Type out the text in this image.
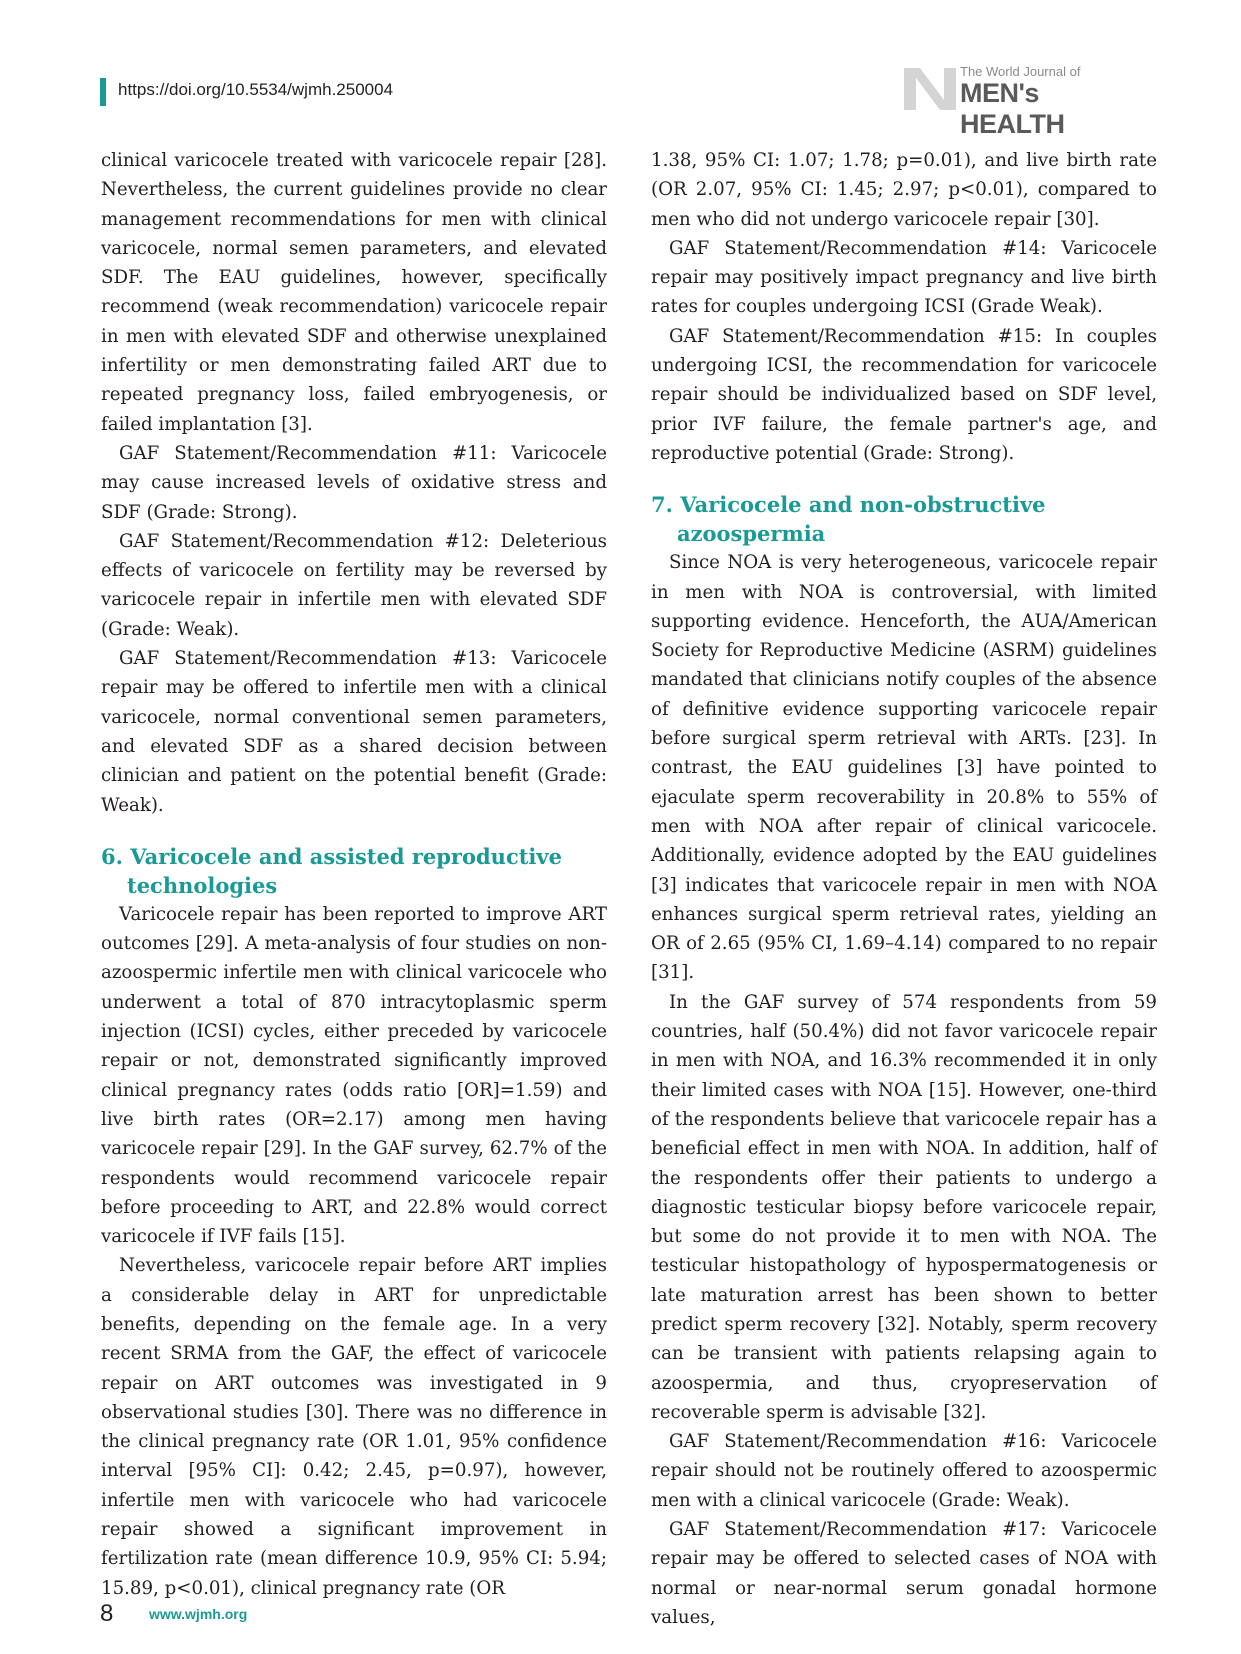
https://doi.org/10.5534/wjmh.250004
The World Journal of
MEN's HEALTH

clinical varicocele treated with varicocele repair [28]. Nevertheless, the current guidelines provide no clear management recommendations for men with clinical varicocele, normal semen parameters, and elevated SDF. The EAU guidelines, however, specifically recommend (weak recommendation) varicocele repair in men with elevated SDF and otherwise unexplained infertility or men demonstrating failed ART due to repeated pregnancy loss, failed embryogenesis, or failed implantation [3].

GAF Statement/Recommendation #11: Varicocele may cause increased levels of oxidative stress and SDF (Grade: Strong).

GAF Statement/Recommendation #12: Deleterious effects of varicocele on fertility may be reversed by varicocele repair in infertile men with elevated SDF (Grade: Weak).

GAF Statement/Recommendation #13: Varicocele repair may be offered to infertile men with a clinical varicocele, normal conventional semen parameters, and elevated SDF as a shared decision between clinician and patient on the potential benefit (Grade: Weak).

6. Varicocele and assisted reproductive technologies

Varicocele repair has been reported to improve ART outcomes [29]. A meta-analysis of four studies on non-azoospermic infertile men with clinical varicocele who underwent a total of 870 intracytoplasmic sperm injection (ICSI) cycles, either preceded by varicocele repair or not, demonstrated significantly improved clinical pregnancy rates (odds ratio [OR]=1.59) and live birth rates (OR=2.17) among men having varicocele repair [29]. In the GAF survey, 62.7% of the respondents would recommend varicocele repair before proceeding to ART, and 22.8% would correct varicocele if IVF fails [15].

Nevertheless, varicocele repair before ART implies a considerable delay in ART for unpredictable benefits, depending on the female age. In a very recent SRMA from the GAF, the effect of varicocele repair on ART outcomes was investigated in 9 observational studies [30]. There was no difference in the clinical pregnancy rate (OR 1.01, 95% confidence interval [95% CI]: 0.42; 2.45, p=0.97), however, infertile men with varicocele who had varicocele repair showed a significant improvement in fertilization rate (mean difference 10.9, 95% CI: 5.94; 15.89, p<0.01), clinical pregnancy rate (OR

1.38, 95% CI: 1.07; 1.78; p=0.01), and live birth rate (OR 2.07, 95% CI: 1.45; 2.97; p<0.01), compared to men who did not undergo varicocele repair [30].

GAF Statement/Recommendation #14: Varicocele repair may positively impact pregnancy and live birth rates for couples undergoing ICSI (Grade Weak).

GAF Statement/Recommendation #15: In couples undergoing ICSI, the recommendation for varicocele repair should be individualized based on SDF level, prior IVF failure, the female partner's age, and reproductive potential (Grade: Strong).

7. Varicocele and non-obstructive azoospermia

Since NOA is very heterogeneous, varicocele repair in men with NOA is controversial, with limited supporting evidence. Henceforth, the AUA/American Society for Reproductive Medicine (ASRM) guidelines mandated that clinicians notify couples of the absence of definitive evidence supporting varicocele repair before surgical sperm retrieval with ARTs. [23]. In contrast, the EAU guidelines [3] have pointed to ejaculate sperm recoverability in 20.8% to 55% of men with NOA after repair of clinical varicocele. Additionally, evidence adopted by the EAU guidelines [3] indicates that varicocele repair in men with NOA enhances surgical sperm retrieval rates, yielding an OR of 2.65 (95% CI, 1.69–4.14) compared to no repair [31].

In the GAF survey of 574 respondents from 59 countries, half (50.4%) did not favor varicocele repair in men with NOA, and 16.3% recommended it in only their limited cases with NOA [15]. However, one-third of the respondents believe that varicocele repair has a beneficial effect in men with NOA. In addition, half of the respondents offer their patients to undergo a diagnostic testicular biopsy before varicocele repair, but some do not provide it to men with NOA. The testicular histopathology of hypospermatogenesis or late maturation arrest has been shown to better predict sperm recovery [32]. Notably, sperm recovery can be transient with patients relapsing again to azoospermia, and thus, cryopreservation of recoverable sperm is advisable [32].

GAF Statement/Recommendation #16: Varicocele repair should not be routinely offered to azoospermic men with a clinical varicocele (Grade: Weak).

GAF Statement/Recommendation #17: Varicocele repair may be offered to selected cases of NOA with normal or near-normal serum gonadal hormone values,

8	www.wjmh.org
